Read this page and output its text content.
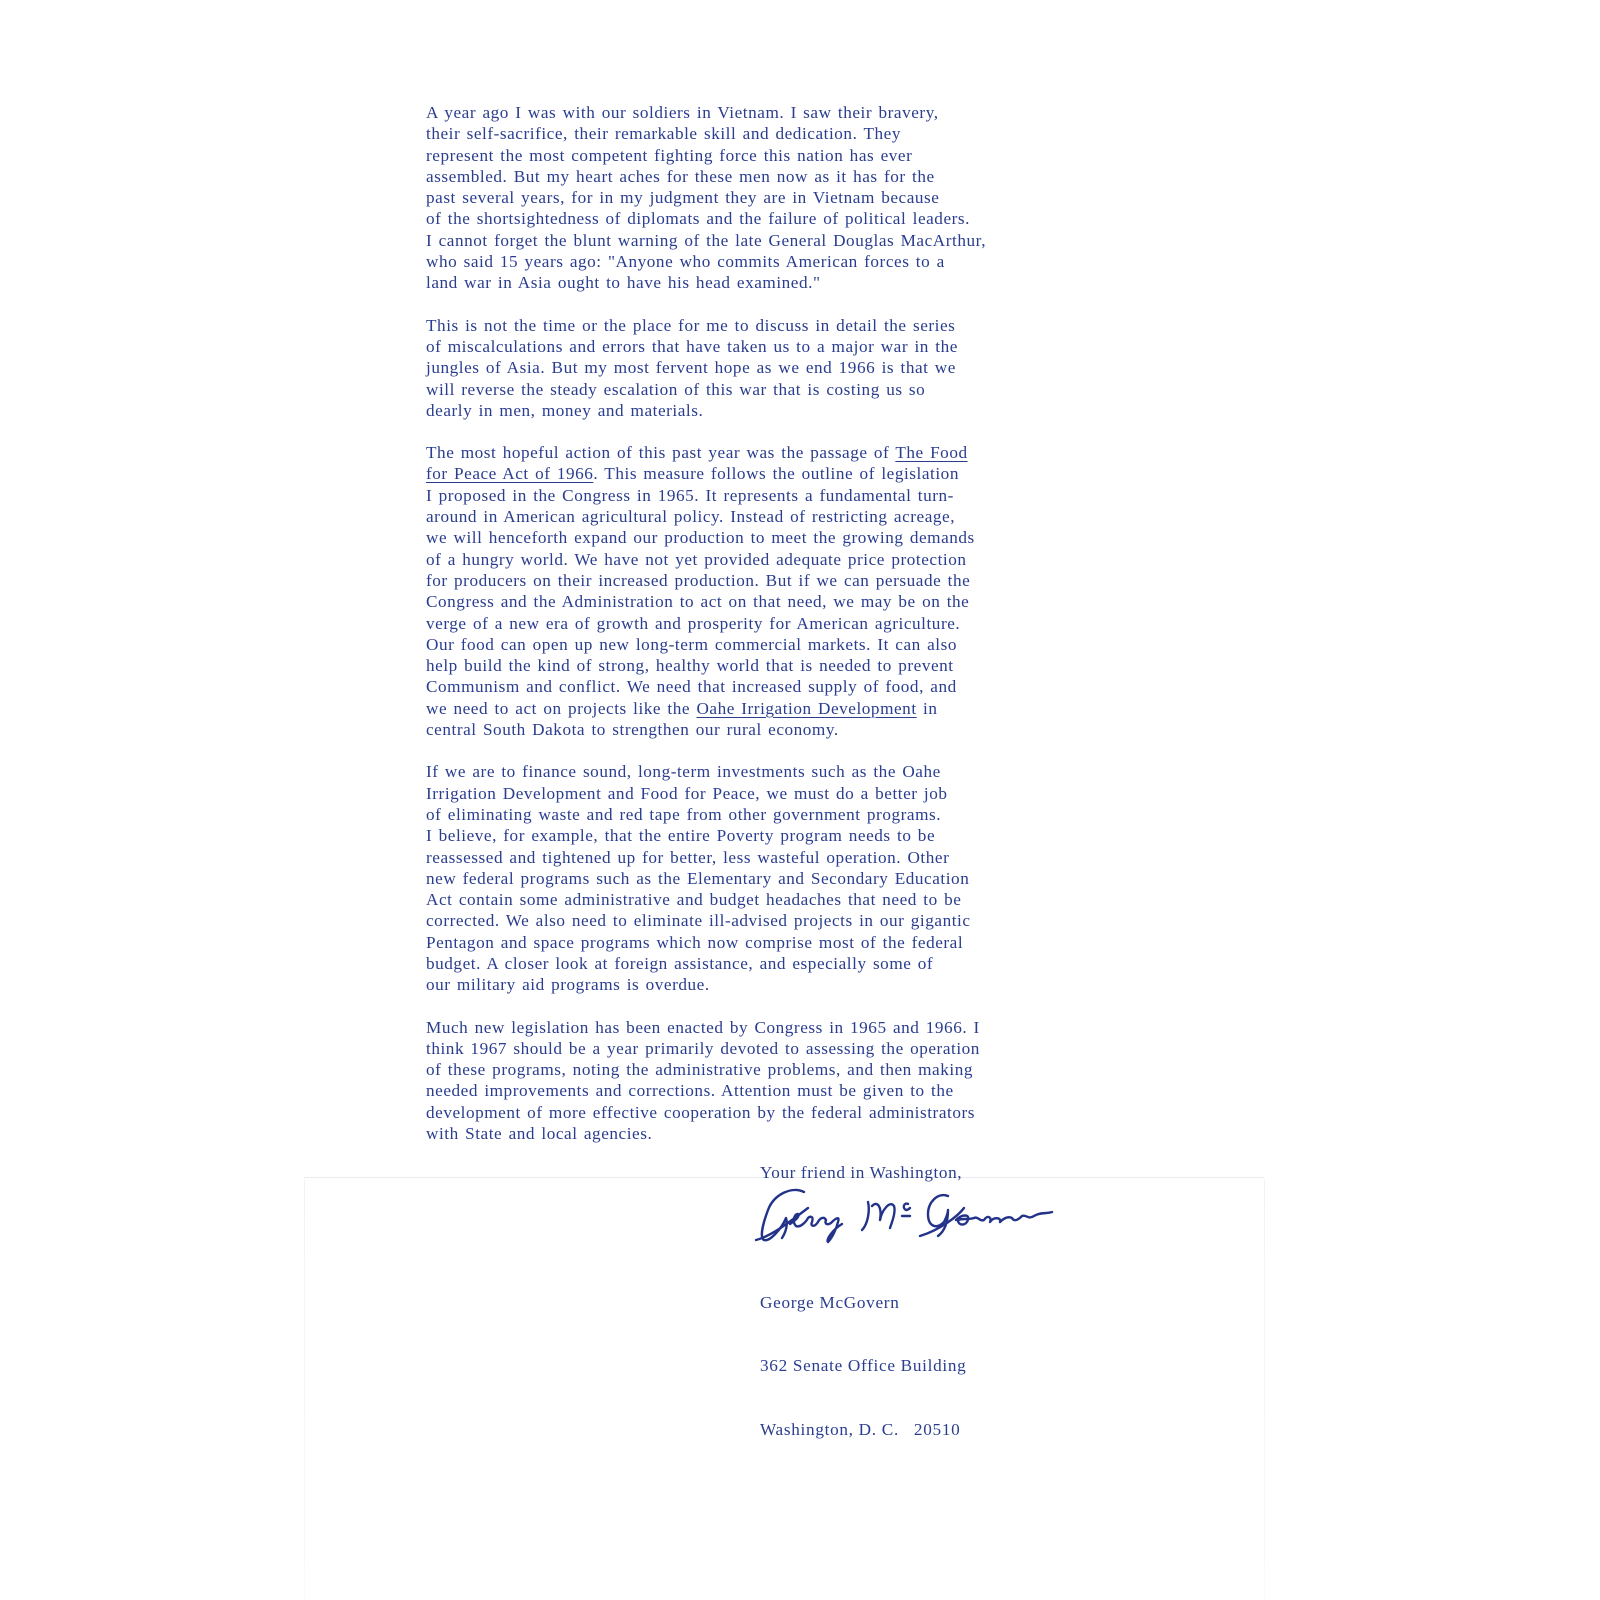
A year ago I was with our soldiers in Vietnam. I saw their bravery,
their self-sacrifice, their remarkable skill and dedication. They
represent the most competent fighting force this nation has ever
assembled. But my heart aches for these men now as it has for the
past several years, for in my judgment they are in Vietnam because
of the shortsightedness of diplomats and the failure of political leaders.
I cannot forget the blunt warning of the late General Douglas MacArthur,
who said 15 years ago: "Anyone who commits American forces to a
land war in Asia ought to have his head examined."
This is not the time or the place for me to discuss in detail the series
of miscalculations and errors that have taken us to a major war in the
jungles of Asia. But my most fervent hope as we end 1966 is that we
will reverse the steady escalation of this war that is costing us so
dearly in men, money and materials.
The most hopeful action of this past year was the passage of The Food
for Peace Act of 1966. This measure follows the outline of legislation
I proposed in the Congress in 1965. It represents a fundamental turn-
around in American agricultural policy. Instead of restricting acreage,
we will henceforth expand our production to meet the growing demands
of a hungry world. We have not yet provided adequate price protection
for producers on their increased production. But if we can persuade the
Congress and the Administration to act on that need, we may be on the
verge of a new era of growth and prosperity for American agriculture.
Our food can open up new long-term commercial markets. It can also
help build the kind of strong, healthy world that is needed to prevent
Communism and conflict. We need that increased supply of food, and
we need to act on projects like the Oahe Irrigation Development in
central South Dakota to strengthen our rural economy.
If we are to finance sound, long-term investments such as the Oahe
Irrigation Development and Food for Peace, we must do a better job
of eliminating waste and red tape from other government programs.
I believe, for example, that the entire Poverty program needs to be
reassessed and tightened up for better, less wasteful operation. Other
new federal programs such as the Elementary and Secondary Education
Act contain some administrative and budget headaches that need to be
corrected. We also need to eliminate ill-advised projects in our gigantic
Pentagon and space programs which now comprise most of the federal
budget. A closer look at foreign assistance, and especially some of
our military aid programs is overdue.
Much new legislation has been enacted by Congress in 1965 and 1966. I
think 1967 should be a year primarily devoted to assessing the operation
of these programs, noting the administrative problems, and then making
needed improvements and corrections. Attention must be given to the
development of more effective cooperation by the federal administrators
with State and local agencies.
Your friend in Washington,

George McGovern

362 Senate Office Building

Washington, D. C.   20510
